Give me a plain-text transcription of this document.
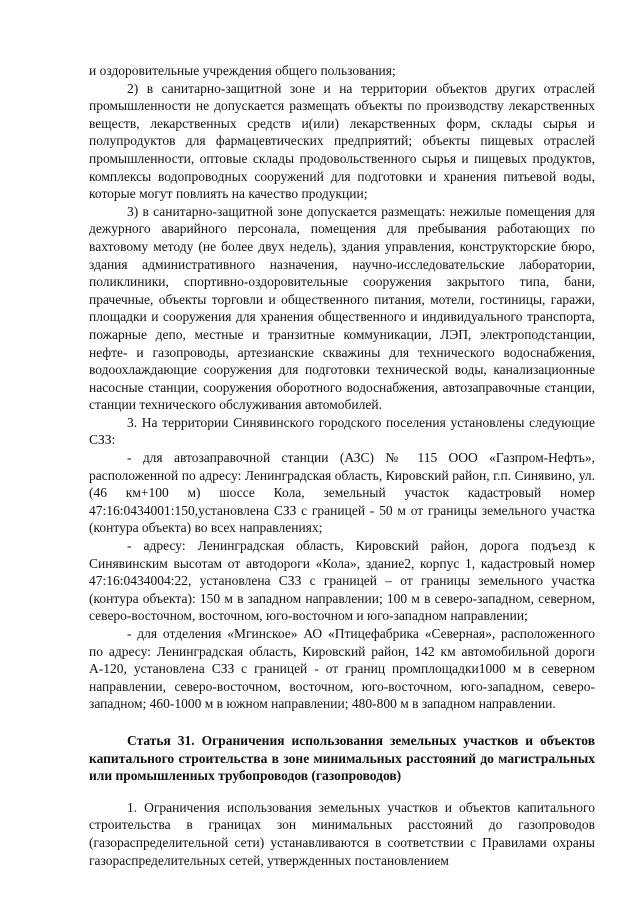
и оздоровительные учреждения общего пользования;

2) в санитарно-защитной зоне и на территории объектов других отраслей промышленности не допускается размещать объекты по производству лекарственных веществ, лекарственных средств и(или) лекарственных форм, склады сырья и полупродуктов для фармацевтических предприятий; объекты пищевых отраслей промышленности, оптовые склады продовольственного сырья и пищевых продуктов, комплексы водопроводных сооружений для подготовки и хранения питьевой воды, которые могут повлиять на качество продукции;

3) в санитарно-защитной зоне допускается размещать: нежилые помещения для дежурного аварийного персонала, помещения для пребывания работающих по вахтовому методу (не более двух недель), здания управления, конструкторские бюро, здания административного назначения, научно-исследовательские лаборатории, поликлиники, спортивно-оздоровительные сооружения закрытого типа, бани, прачечные, объекты торговли и общественного питания, мотели, гостиницы, гаражи, площадки и сооружения для хранения общественного и индивидуального транспорта, пожарные депо, местные и транзитные коммуникации, ЛЭП, электроподстанции, нефте- и газопроводы, артезианские скважины для технического водоснабжения, водоохлаждающие сооружения для подготовки технической воды, канализационные насосные станции, сооружения оборотного водоснабжения, автозаправочные станции, станции технического обслуживания автомобилей.

3. На территории Синявинского городского поселения установлены следующие СЗЗ:

- для автозаправочной станции (АЗС) № 115 ООО «Газпром-Нефть», расположенной по адресу: Ленинградская область, Кировский район, г.п. Синявино, ул. (46 км+100 м) шоссе Кола, земельный участок кадастровый номер 47:16:0434001:150,установлена СЗЗ с границей - 50 м от границы земельного участка (контура объекта) во всех направлениях;

- адресу: Ленинградская область, Кировский район, дорога подъезд к Синявинским высотам от автодороги «Кола», здание2, корпус 1, кадастровый номер 47:16:0434004:22, установлена СЗЗ с границей – от границы земельного участка (контура объекта): 150 м в западном направлении; 100 м в северо-западном, северном, северо-восточном, восточном, юго-восточном и юго-западном направлении;

- для отделения «Мгинское» АО «Птицефабрика «Северная», расположенного по адресу: Ленинградская область, Кировский район, 142 км автомобильной дороги А-120, установлена СЗЗ с границей - от границ промплощадки1000 м в северном направлении, северо-восточном, восточном, юго-восточном, юго-западном, северо-западном; 460-1000 м в южном направлении; 480-800 м в западном направлении.

Статья 31. Ограничения использования земельных участков и объектов капитального строительства в зоне минимальных расстояний до магистральных или промышленных трубопроводов (газопроводов)

1. Ограничения использования земельных участков и объектов капитального строительства в границах зон минимальных расстояний до газопроводов (газораспределительной сети) устанавливаются в соответствии с Правилами охраны газораспределительных сетей, утвержденных постановлением
